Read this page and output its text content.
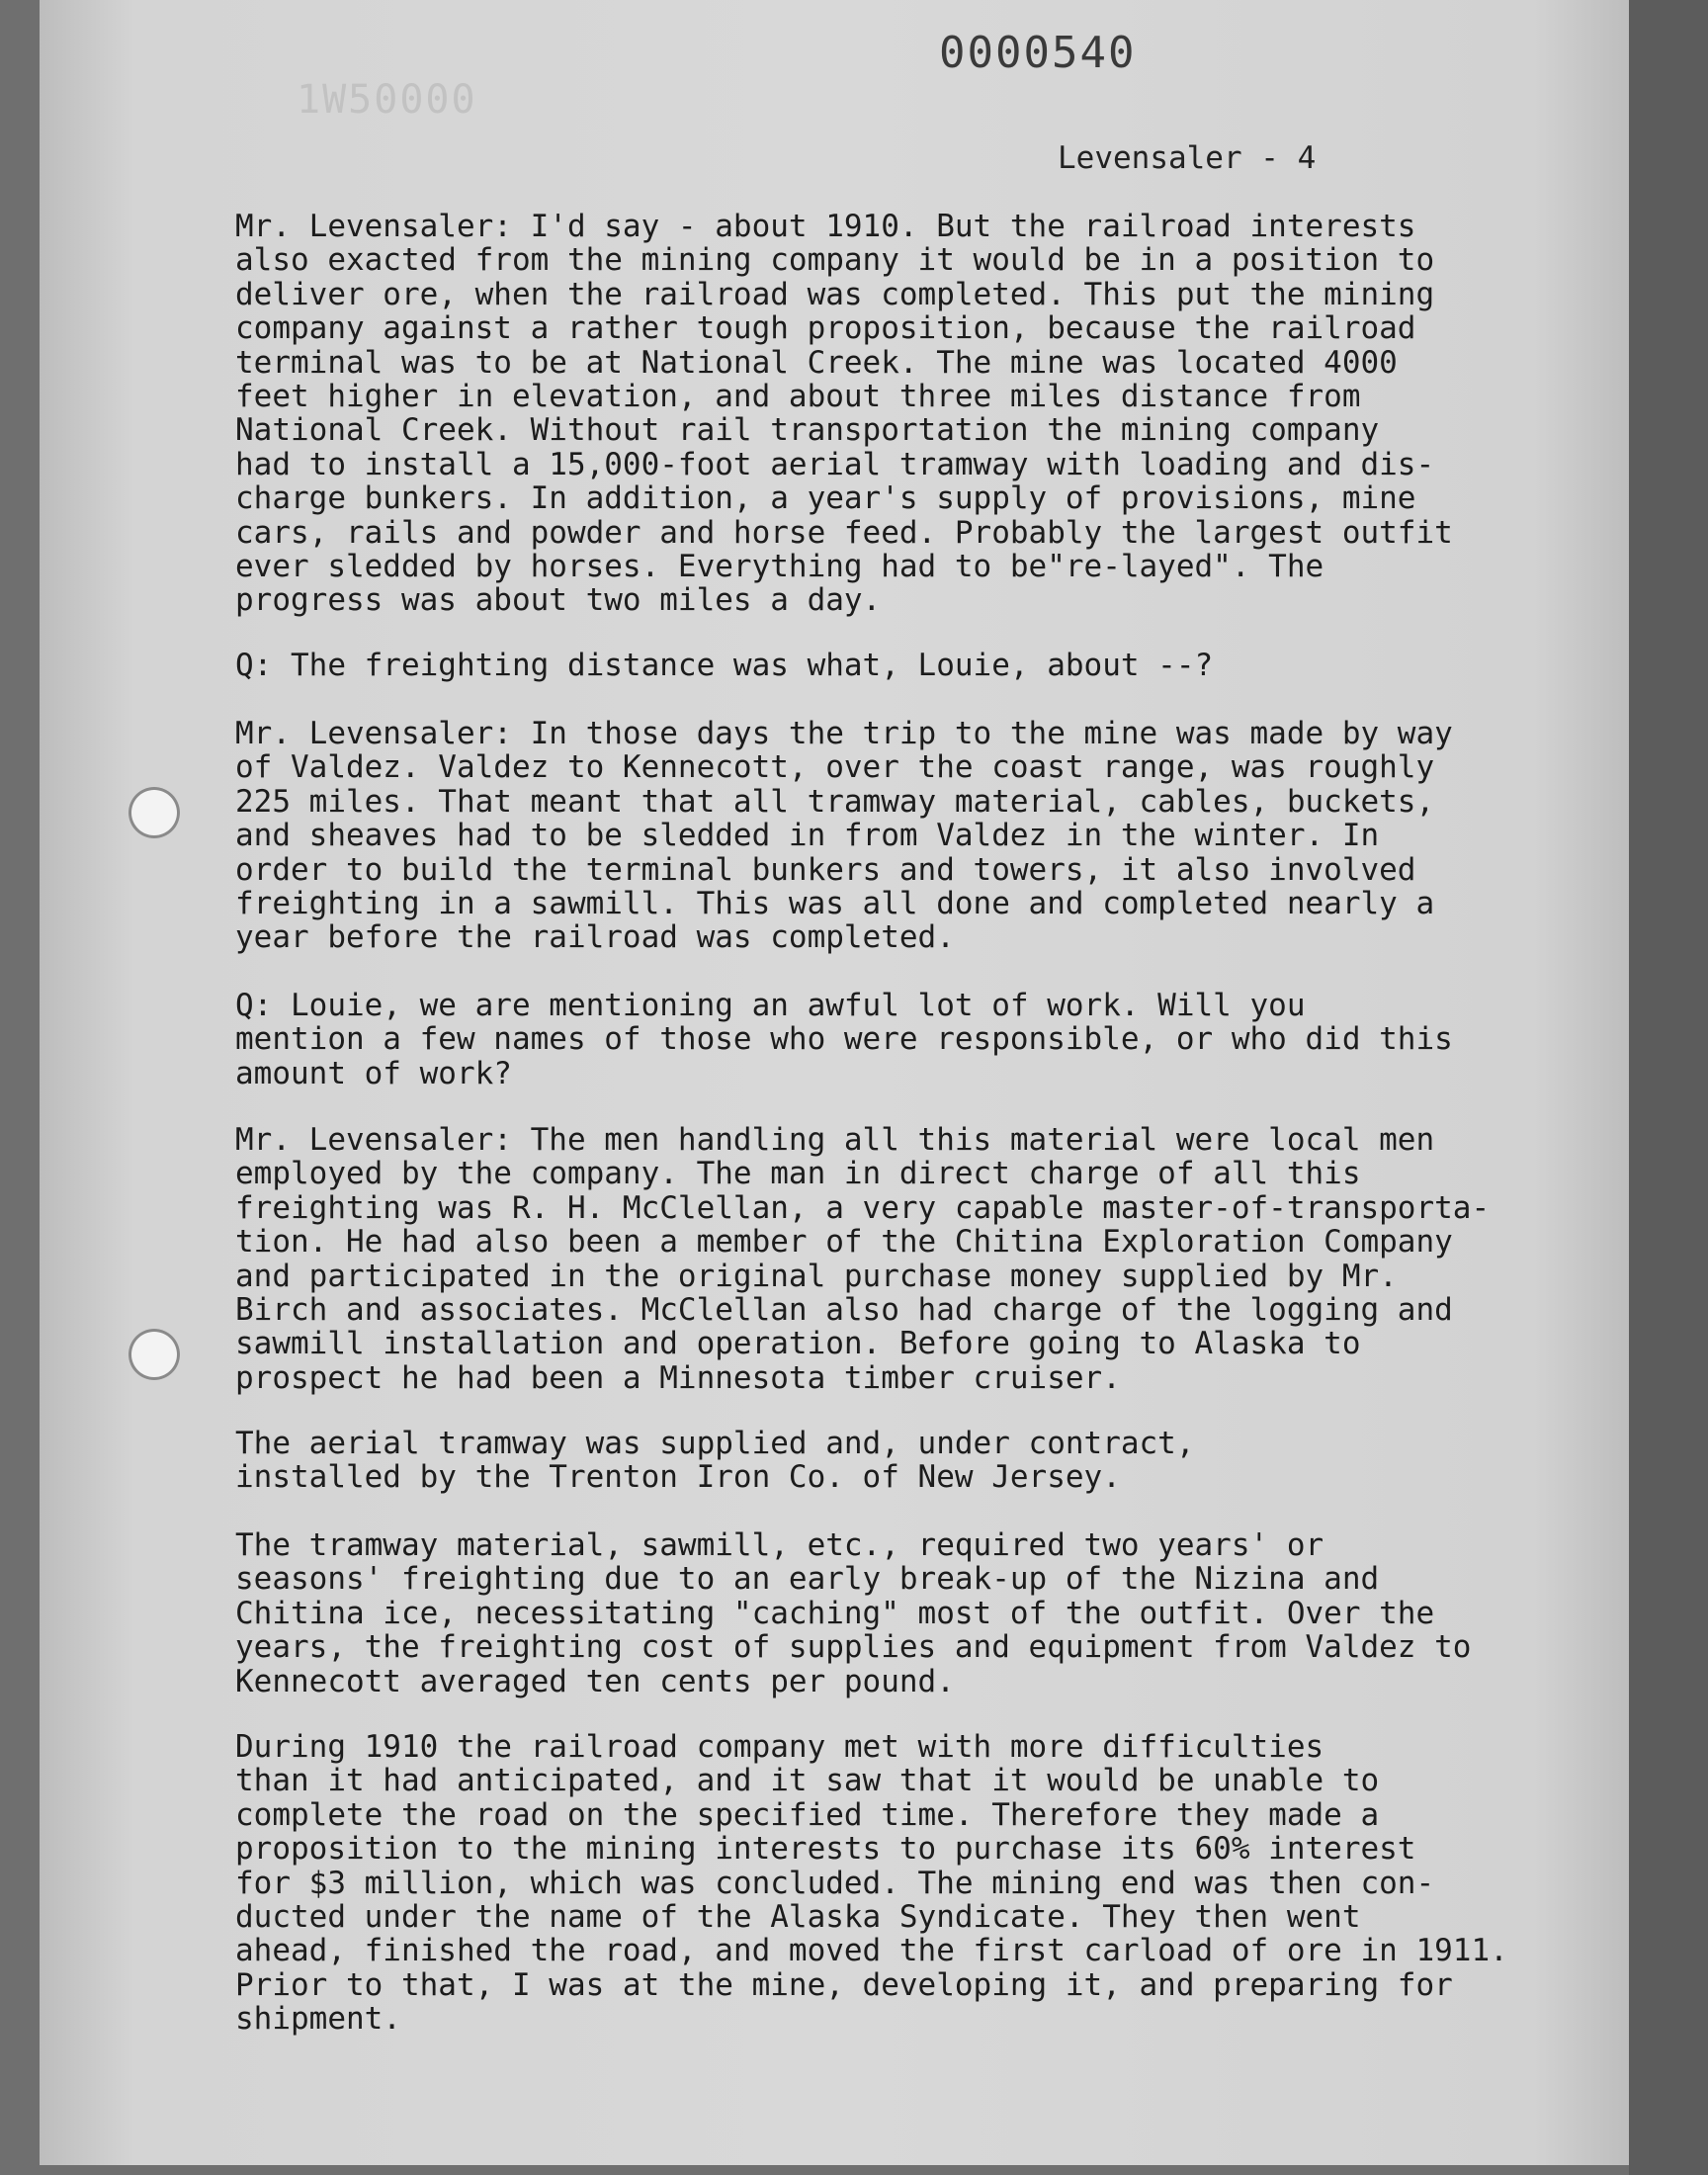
1W50000
0000540
Levensaler - 4

Mr. Levensaler: I'd say - about 1910. But the railroad interests
also exacted from the mining company it would be in a position to
deliver ore, when the railroad was completed. This put the mining
company against a rather tough proposition, because the railroad
terminal was to be at National Creek. The mine was located 4000
feet higher in elevation, and about three miles distance from
National Creek. Without rail transportation the mining company
had to install a 15,000-foot aerial tramway with loading and dis-
charge bunkers. In addition, a year's supply of provisions, mine
cars, rails and powder and horse feed. Probably the largest outfit
ever sledded by horses. Everything had to be"re-layed". The
progress was about two miles a day.

Q: The freighting distance was what, Louie, about --?

Mr. Levensaler: In those days the trip to the mine was made by way
of Valdez. Valdez to Kennecott, over the coast range, was roughly
225 miles. That meant that all tramway material, cables, buckets,
and sheaves had to be sledded in from Valdez in the winter. In
order to build the terminal bunkers and towers, it also involved
freighting in a sawmill. This was all done and completed nearly a
year before the railroad was completed.

Q: Louie, we are mentioning an awful lot of work. Will you
mention a few names of those who were responsible, or who did this
amount of work?

Mr. Levensaler: The men handling all this material were local men
employed by the company. The man in direct charge of all this
freighting was R. H. McClellan, a very capable master-of-transporta-
tion. He had also been a member of the Chitina Exploration Company
and participated in the original purchase money supplied by Mr.
Birch and associates. McClellan also had charge of the logging and
sawmill installation and operation. Before going to Alaska to
prospect he had been a Minnesota timber cruiser.

The aerial tramway was supplied and, under contract,
installed by the Trenton Iron Co. of New Jersey.

The tramway material, sawmill, etc., required two years' or
seasons' freighting due to an early break-up of the Nizina and
Chitina ice, necessitating "caching" most of the outfit. Over the
years, the freighting cost of supplies and equipment from Valdez to
Kennecott averaged ten cents per pound.

During 1910 the railroad company met with more difficulties
than it had anticipated, and it saw that it would be unable to
complete the road on the specified time. Therefore they made a
proposition to the mining interests to purchase its 60% interest
for $3 million, which was concluded. The mining end was then con-
ducted under the name of the Alaska Syndicate. They then went
ahead, finished the road, and moved the first carload of ore in 1911.
Prior to that, I was at the mine, developing it, and preparing for
shipment.
